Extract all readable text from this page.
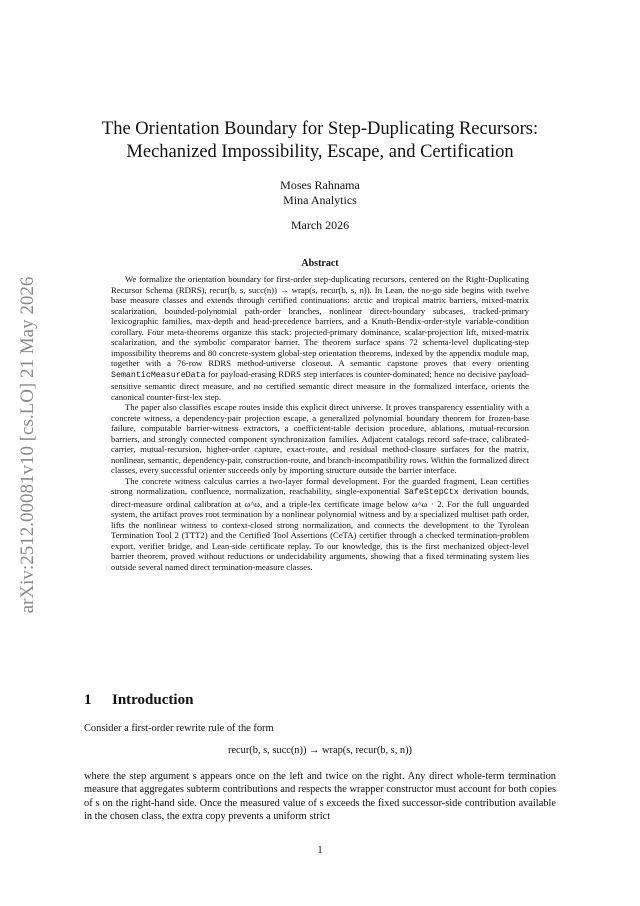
arXiv:2512.00081v10 [cs.LO] 21 May 2026
The Orientation Boundary for Step-Duplicating Recursors:
Mechanized Impossibility, Escape, and Certification
Moses Rahnama
Mina Analytics
March 2026
Abstract

We formalize the orientation boundary for first-order step-duplicating recursors, centered on the Right-Duplicating Recursor Schema (RDRS), recur(b, s, succ(n)) → wrap(s, recur(b, s, n)). In Lean, the no-go side begins with twelve base measure classes and extends through certified continuations: arctic and tropical matrix barriers, mixed-matrix scalarization, bounded-polynomial path-order branches, nonlinear direct-boundary subcases, tracked-primary lexicographic families, max-depth and head-precedence barriers, and a Knuth-Bendix-order-style variable-condition corollary. Four meta-theorems organize this stack: projected-primary dominance, scalar-projection lift, mixed-matrix scalarization, and the symbolic comparator barrier. The theorem surface spans 72 schema-level duplicating-step impossibility theorems and 80 concrete-system global-step orientation theorems, indexed by the appendix module map, together with a 76-row RDRS method-universe closeout. A semantic capstone proves that every orienting SemanticMeasureData for payload-erasing RDRS step interfaces is counter-dominated; hence no decisive payload-sensitive semantic direct measure, and no certified semantic direct measure in the formalized interface, orients the canonical counter-first-lex step.

The paper also classifies escape routes inside this explicit direct universe. It proves transparency essentiality with a concrete witness, a dependency-pair projection escape, a generalized polynomial boundary theorem for frozen-base failure, computable barrier-witness extractors, a coefficient-table decision procedure, ablations, mutual-recursion barriers, and strongly connected component synchronization families. Adjacent catalogs record safe-trace, calibrated-carrier, mutual-recursion, higher-order capture, exact-route, and residual method-closure surfaces for the matrix, nonlinear, semantic, dependency-pair, construction-route, and branch-incompatibility rows. Within the formalized direct classes, every successful orienter succeeds only by importing structure outside the barrier interface.

The concrete witness calculus carries a two-layer formal development. For the guarded fragment, Lean certifies strong normalization, confluence, normalization, reachability, single-exponential SafeStepCtx derivation bounds, direct-measure ordinal calibration at ω^ω, and a triple-lex certificate image below ω^ω · 2. For the full unguarded system, the artifact proves root termination by a nonlinear polynomial witness and by a specialized multiset path order, lifts the nonlinear witness to context-closed strong normalization, and connects the development to the Tyrolean Termination Tool 2 (TTT2) and the Certified Tool Assertions (CeTA) certifier through a checked termination-problem export, verifier bridge, and Lean-side certificate replay. To our knowledge, this is the first mechanized object-level barrier theorem, proved without reductions or undecidability arguments, showing that a fixed terminating system lies outside several named direct termination-measure classes.

1 Introduction

Consider a first-order rewrite rule of the form

recur(b, s, succ(n)) → wrap(s, recur(b, s, n))

where the step argument s appears once on the left and twice on the right. Any direct whole-term termination measure that aggregates subterm contributions and respects the wrapper constructor must account for both copies of s on the right-hand side. Once the measured value of s exceeds the fixed successor-side contribution available in the chosen class, the extra copy prevents a uniform strict

1
